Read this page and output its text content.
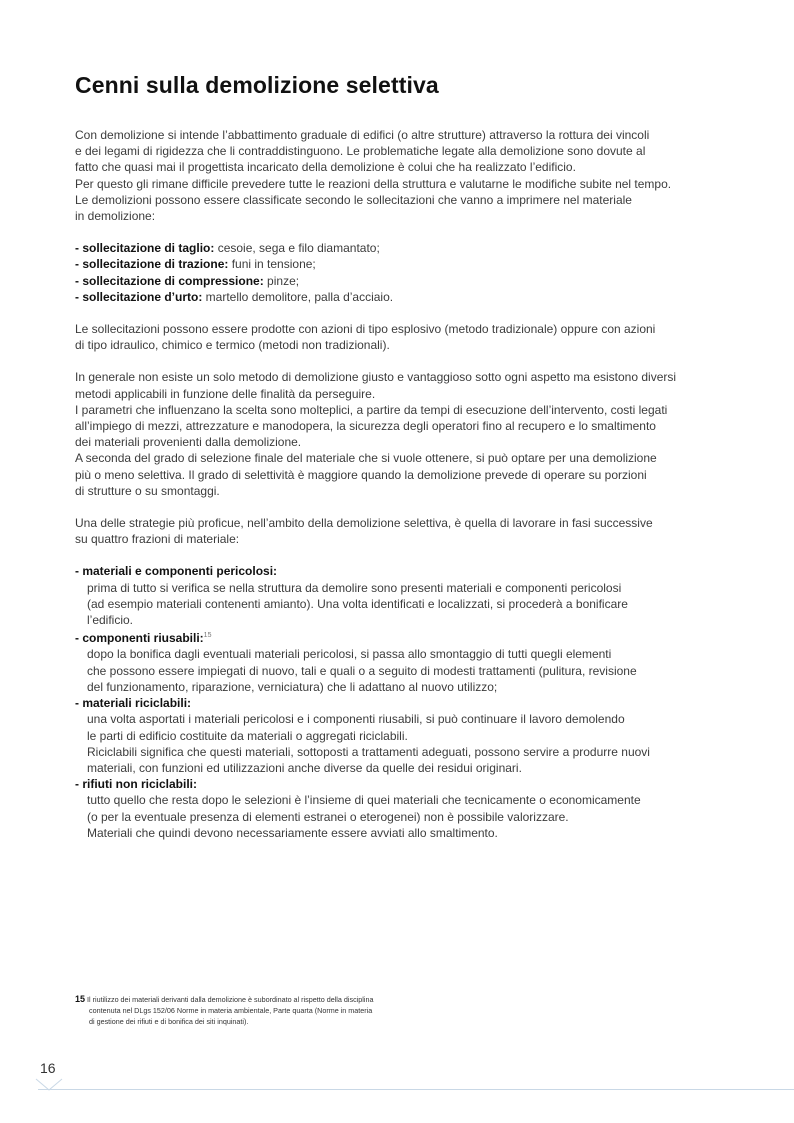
Cenni sulla demolizione selettiva

Con demolizione si intende l’abbattimento graduale di edifici (o altre strutture) attraverso la rottura dei vincoli

e dei legami di rigidezza che li contraddistinguono. Le problematiche legate alla demolizione sono dovute al

fatto che quasi mai il progettista incaricato della demolizione è colui che ha realizzato l’edificio.

Per questo gli rimane difficile prevedere tutte le reazioni della struttura e valutarne le modifiche subite nel tempo.

Le demolizioni possono essere classificate secondo le sollecitazioni che vanno a imprimere nel materiale

in demolizione:

- sollecitazione di taglio: cesoie, sega e filo diamantato;

- sollecitazione di trazione: funi in tensione;

- sollecitazione di compressione: pinze;

- sollecitazione d’urto: martello demolitore, palla d’acciaio.

Le sollecitazioni possono essere prodotte con azioni di tipo esplosivo (metodo tradizionale) oppure con azioni

di tipo idraulico, chimico e termico (metodi non tradizionali).

In generale non esiste un solo metodo di demolizione giusto e vantaggioso sotto ogni aspetto ma esistono diversi

metodi applicabili in funzione delle finalità da perseguire.

I parametri che influenzano la scelta sono molteplici, a partire da tempi di esecuzione dell’intervento, costi legati

all’impiego di mezzi, attrezzature e manodopera, la sicurezza degli operatori fino al recupero e lo smaltimento

dei materiali provenienti dalla demolizione.

A seconda del grado di selezione finale del materiale che si vuole ottenere, si può optare per una demolizione

più o meno selettiva. Il grado di selettività è maggiore quando la demolizione prevede di operare su porzioni

di strutture o su smontaggi.

Una delle strategie più proficue, nell’ambito della demolizione selettiva, è quella di lavorare in fasi successive

su quattro frazioni di materiale:

- materiali e componenti pericolosi:

prima di tutto si verifica se nella struttura da demolire sono presenti materiali e componenti pericolosi

(ad esempio materiali contenenti amianto). Una volta identificati e localizzati, si procederà a bonificare

l’edificio.

- componenti riusabili:$^{15}$

dopo la bonifica dagli eventuali materiali pericolosi, si passa allo smontaggio di tutti quegli elementi

che possono essere impiegati di nuovo, tali e quali o a seguito di modesti trattamenti (pulitura, revisione

del funzionamento, riparazione, verniciatura) che li adattano al nuovo utilizzo;

- materiali riciclabili:

una volta asportati i materiali pericolosi e i componenti riusabili, si può continuare il lavoro demolendo

le parti di edificio costituite da materiali o aggregati riciclabili.

Riciclabili significa che questi materiali, sottoposti a trattamenti adeguati, possono servire a produrre nuovi

materiali, con funzioni ed utilizzazioni anche diverse da quelle dei residui originari.

- rifiuti non riciclabili:

tutto quello che resta dopo le selezioni è l’insieme di quei materiali che tecnicamente o economicamente

(o per la eventuale presenza di elementi estranei o eterogenei) non è possibile valorizzare.

Materiali che quindi devono necessariamente essere avviati allo smaltimento.

15 Il riutilizzo dei materiali derivanti dalla demolizione è subordinato al rispetto della disciplina
contenuta nel DLgs 152/06 Norme in materia ambientale, Parte quarta (Norme in materia
di gestione dei rifiuti e di bonifica dei siti inquinati).
16
